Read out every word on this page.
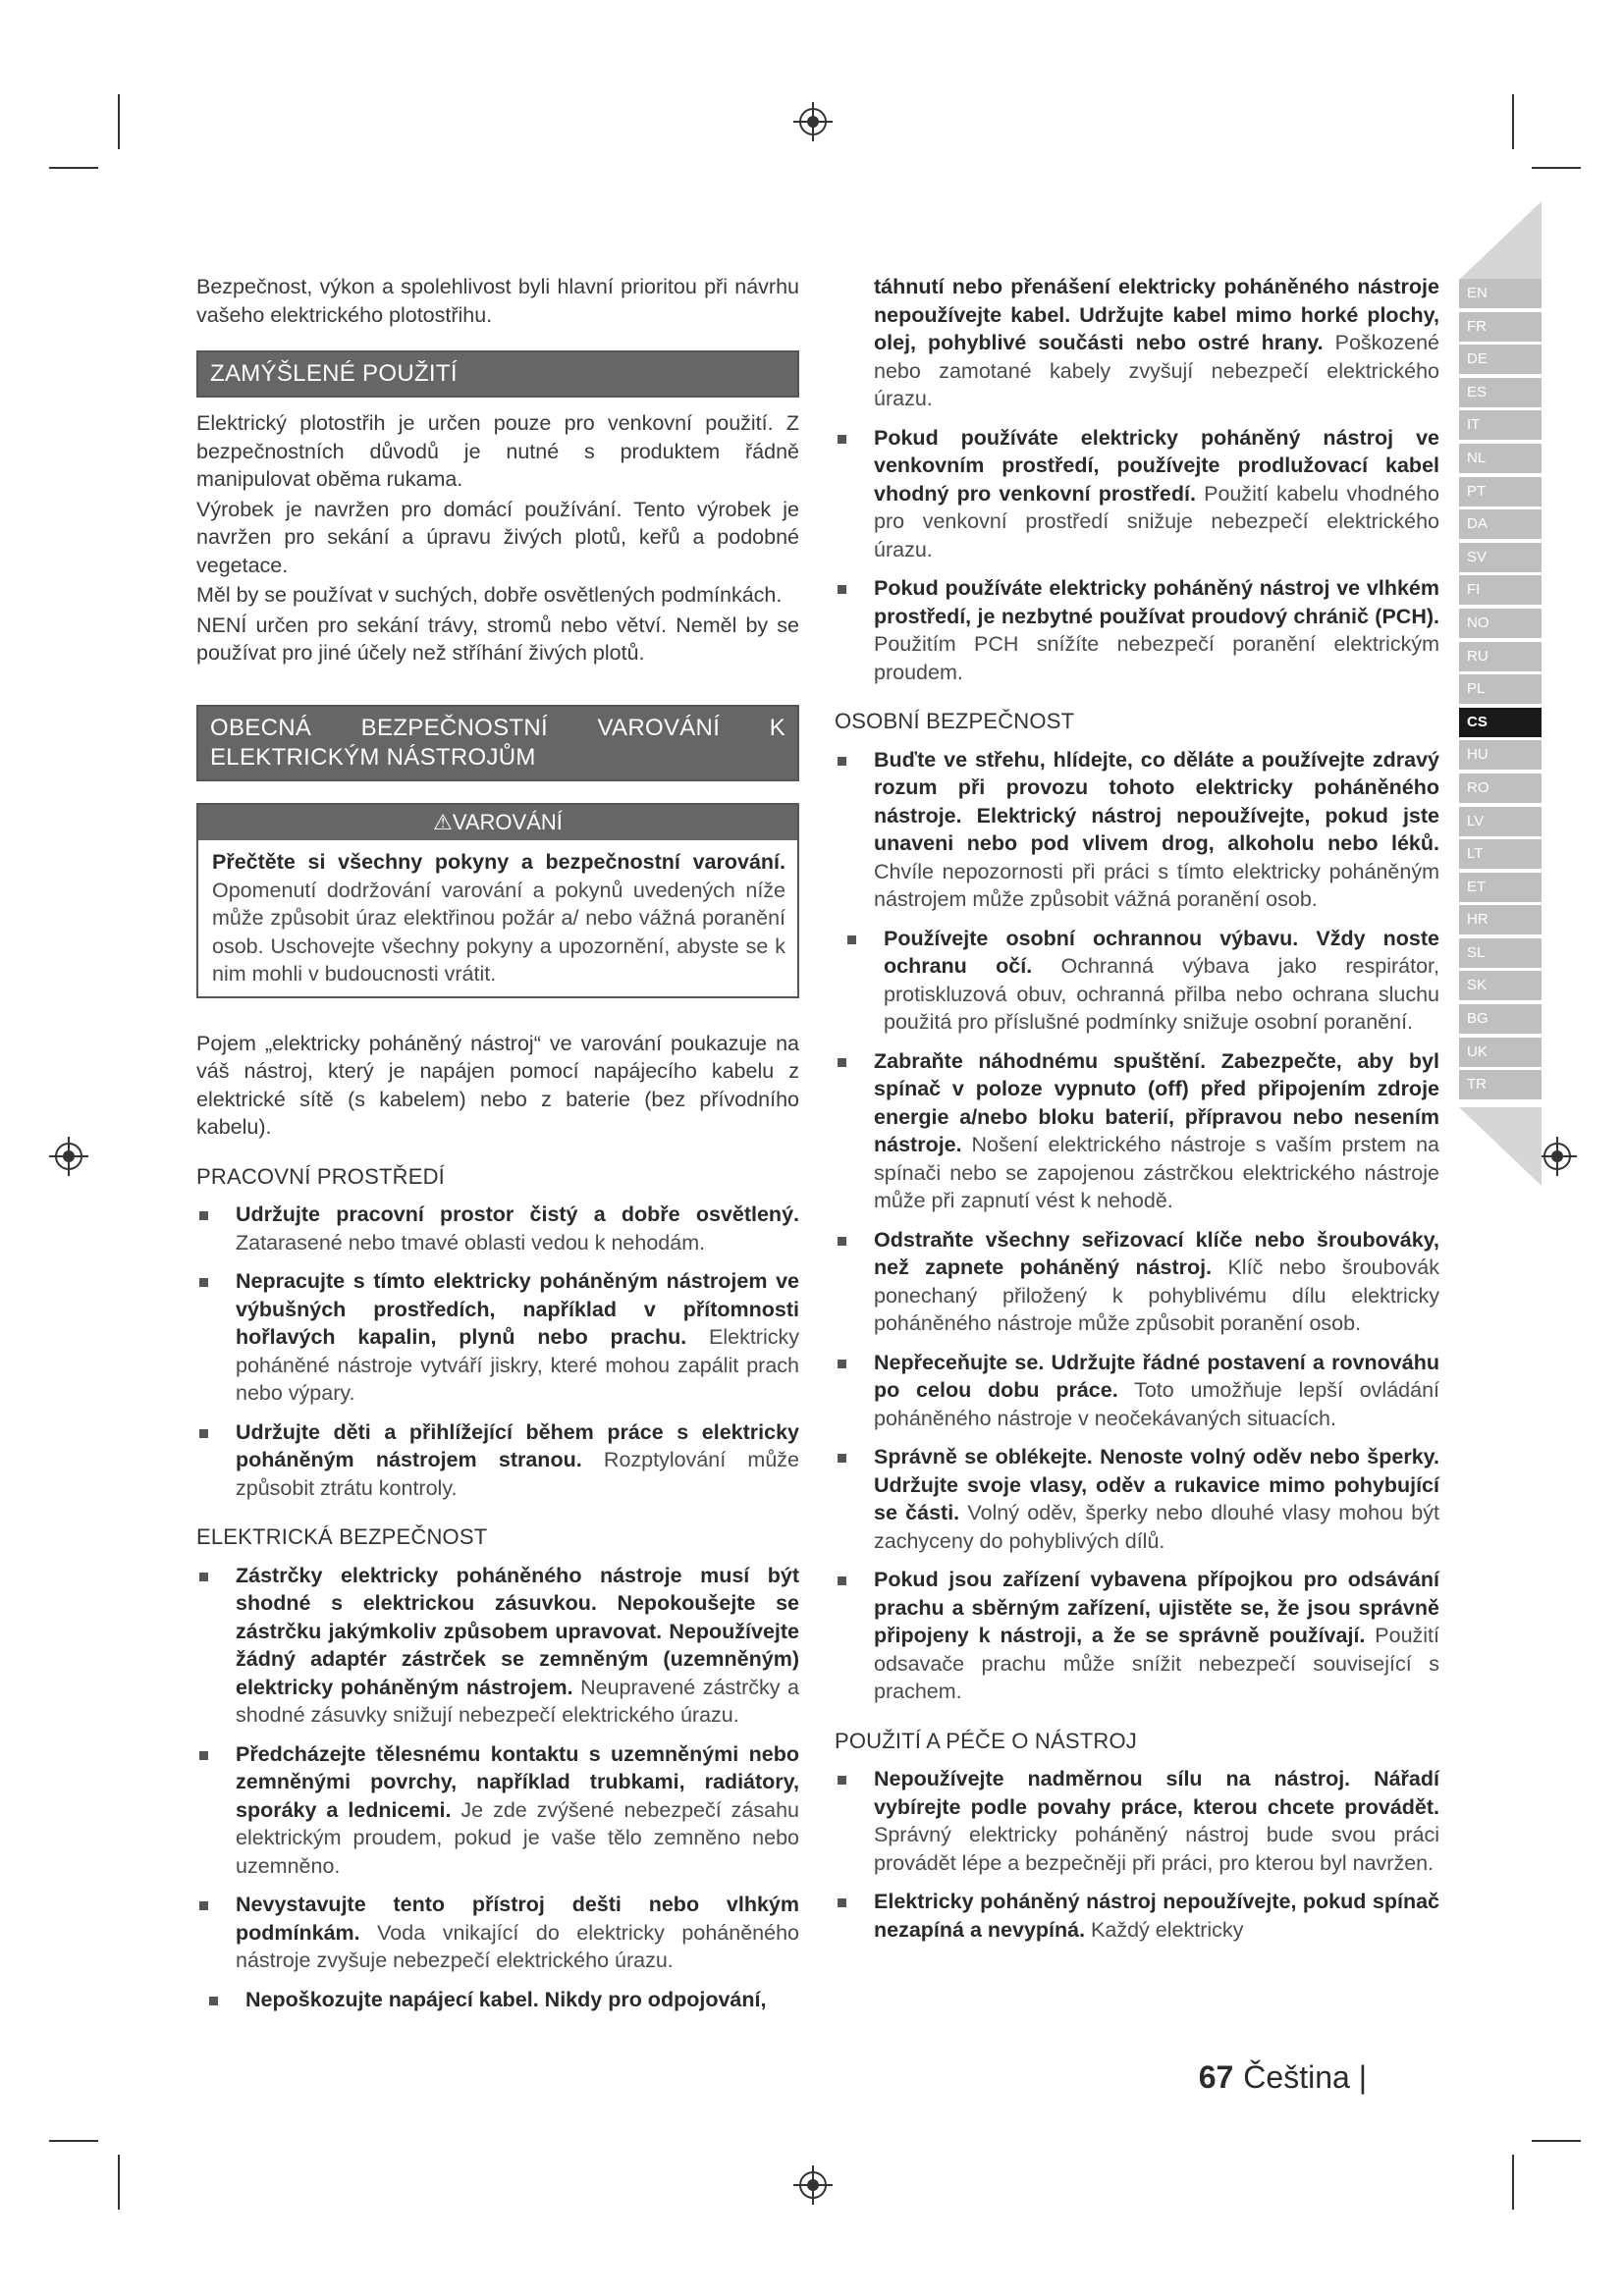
EN
FR
DE
ES
IT
NL
PT
DA
SV
FI
NO
RU
PL
CS
HU
RO
LV
LT
ET
HR
SL
SK
BG
UK
TR

Bezpečnost, výkon a spolehlivost byli hlavní prioritou při návrhu vašeho elektrického plotostřihu.

ZAMÝŠLENÉ POUŽITÍ

Elektrický plotostřih je určen pouze pro venkovní použití. Z bezpečnostních důvodů je nutné s produktem řádně manipulovat oběma rukama.

Výrobek je navržen pro domácí používání. Tento výrobek je navržen pro sekání a úpravu živých plotů, keřů a podobné vegetace.

Měl by se používat v suchých, dobře osvětlených podmínkách.

NENÍ určen pro sekání trávy, stromů nebo větví. Neměl by se používat pro jiné účely než stříhání živých plotů.

OBECNÁ BEZPEČNOSTNÍ VAROVÁNÍ K ELEKTRICKÝM NÁSTROJŮM
⚠VAROVÁNÍ
Přečtěte si všechny pokyny a bezpečnostní varování. Opomenutí dodržování varování a pokynů uvedených níže může způsobit úraz elektřinou požár a/ nebo vážná poranění osob. Uschovejte všechny pokyny a upozornění, abyste se k nim mohli v budoucnosti vrátit.

Pojem „elektricky poháněný nástroj“ ve varování poukazuje na váš nástroj, který je napájen pomocí napájecího kabelu z elektrické sítě (s kabelem) nebo z baterie (bez přívodního kabelu).

PRACOVNÍ PROSTŘEDÍ
Udržujte pracovní prostor čistý a dobře osvětlený. Zatarasené nebo tmavé oblasti vedou k nehodám.
Nepracujte s tímto elektricky poháněným nástrojem ve výbušných prostředích, například v přítomnosti hořlavých kapalin, plynů nebo prachu. Elektricky poháněné nástroje vytváří jiskry, které mohou zapálit prach nebo výpary.
Udržujte děti a přihlížející během práce s elektricky poháněným nástrojem stranou. Rozptylování může způsobit ztrátu kontroly.
ELEKTRICKÁ BEZPEČNOST
Zástrčky elektricky poháněného nástroje musí být shodné s elektrickou zásuvkou. Nepokoušejte se zástrčku jakýmkoliv způsobem upravovat. Nepoužívejte žádný adaptér zástrček se zemněným (uzemněným) elektricky poháněným nástrojem. Neupravené zástrčky a shodné zásuvky snižují nebezpečí elektrického úrazu.
Předcházejte tělesnému kontaktu s uzemněnými nebo zemněnými povrchy, například trubkami, radiátory, sporáky a lednicemi. Je zde zvýšené nebezpečí zásahu elektrickým proudem, pokud je vaše tělo zemněno nebo uzemněno.
Nevystavujte tento přístroj dešti nebo vlhkým podmínkám. Voda vnikající do elektricky poháněného nástroje zvyšuje nebezpečí elektrického úrazu.
Nepoškozujte napájecí kabel. Nikdy pro odpojování,
táhnutí nebo přenášení elektricky poháněného nástroje nepoužívejte kabel. Udržujte kabel mimo horké plochy, olej, pohyblivé součásti nebo ostré hrany. Poškozené nebo zamotané kabely zvyšují nebezpečí elektrického úrazu.
Pokud používáte elektricky poháněný nástroj ve venkovním prostředí, používejte prodlužovací kabel vhodný pro venkovní prostředí. Použití kabelu vhodného pro venkovní prostředí snižuje nebezpečí elektrického úrazu.
Pokud používáte elektricky poháněný nástroj ve vlhkém prostředí, je nezbytné používat proudový chránič (PCH). Použitím PCH snížíte nebezpečí poranění elektrickým proudem.
OSOBNÍ BEZPEČNOST
Buďte ve střehu, hlídejte, co děláte a používejte zdravý rozum při provozu tohoto elektricky poháněného nástroje. Elektrický nástroj nepoužívejte, pokud jste unaveni nebo pod vlivem drog, alkoholu nebo léků. Chvíle nepozornosti při práci s tímto elektricky poháněným nástrojem může způsobit vážná poranění osob.
Používejte osobní ochrannou výbavu. Vždy noste ochranu očí. Ochranná výbava jako respirátor, protiskluzová obuv, ochranná přilba nebo ochrana sluchu použitá pro příslušné podmínky snižuje osobní poranění.
Zabraňte náhodnému spuštění. Zabezpečte, aby byl spínač v poloze vypnuto (off) před připojením zdroje energie a/nebo bloku baterií, přípravou nebo nesením nástroje. Nošení elektrického nástroje s vaším prstem na spínači nebo se zapojenou zástrčkou elektrického nástroje může při zapnutí vést k nehodě.
Odstraňte všechny seřizovací klíče nebo šroubováky, než zapnete poháněný nástroj. Klíč nebo šroubovák ponechaný přiložený k pohyblivému dílu elektricky poháněného nástroje může způsobit poranění osob.
Nepřeceňujte se. Udržujte řádné postavení a rovnováhu po celou dobu práce. Toto umožňuje lepší ovládání poháněného nástroje v neočekávaných situacích.
Správně se oblékejte. Nenoste volný oděv nebo šperky. Udržujte svoje vlasy, oděv a rukavice mimo pohybující se části. Volný oděv, šperky nebo dlouhé vlasy mohou být zachyceny do pohyblivých dílů.
Pokud jsou zařízení vybavena přípojkou pro odsávání prachu a sběrným zařízení, ujistěte se, že jsou správně připojeny k nástroji, a že se správně používají. Použití odsavače prachu může snížit nebezpečí související s prachem.
POUŽITÍ A PÉČE O NÁSTROJ
Nepoužívejte nadměrnou sílu na nástroj. Nářadí vybírejte podle povahy práce, kterou chcete provádět. Správný elektricky poháněný nástroj bude svou práci provádět lépe a bezpečněji při práci, pro kterou byl navržen.
Elektricky poháněný nástroj nepoužívejte, pokud spínač nezapíná a nevypíná. Každý elektricky
67 Čeština |
